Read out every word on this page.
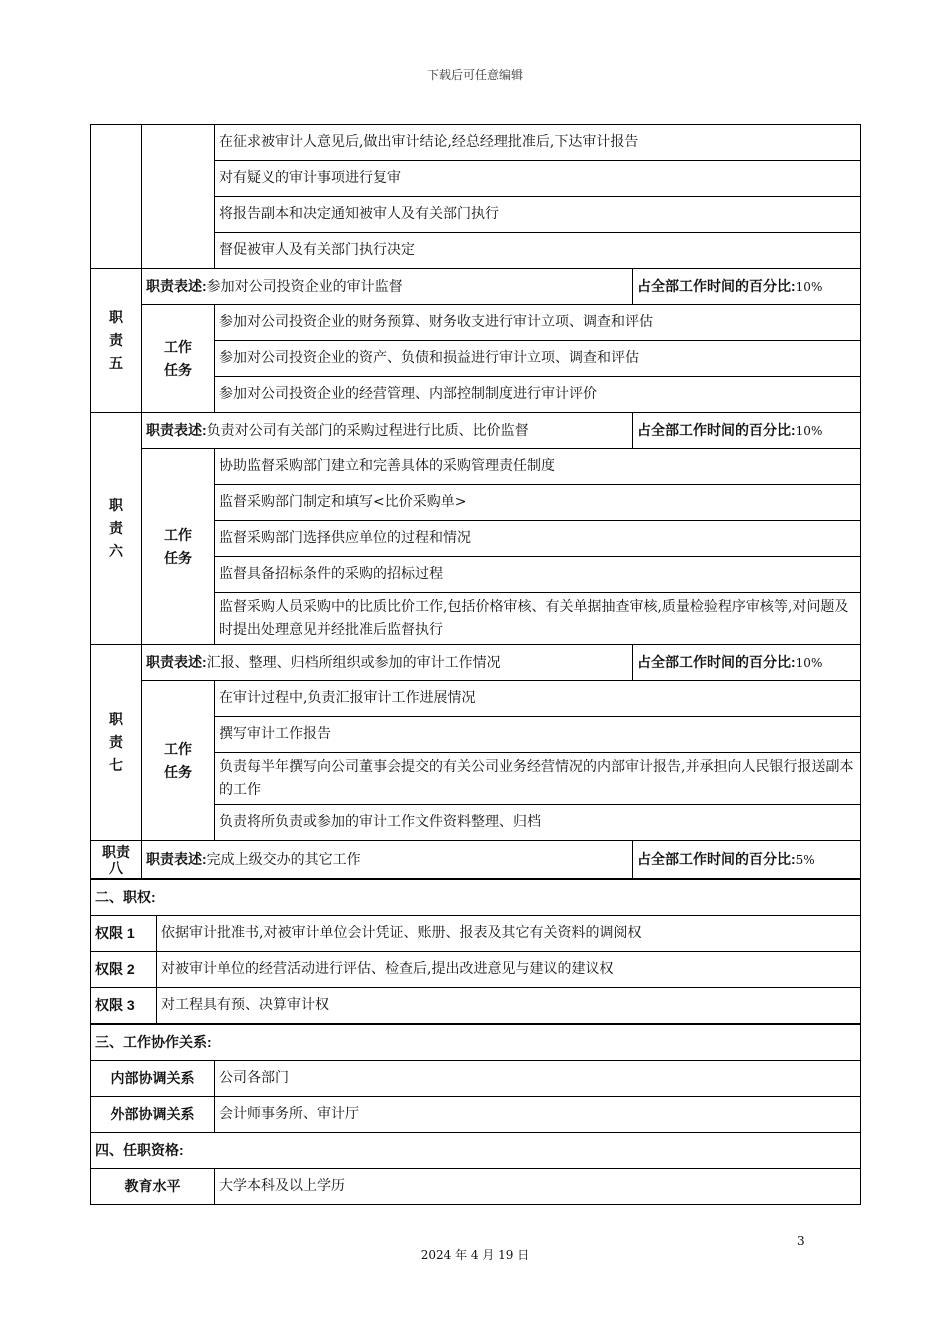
下载后可任意编辑
		在征求被审计人意见后,做出审计结论,经总经理批准后,下达审计报告	
		对有疑义的审计事项进行复审	
		将报告副本和决定通知被审人及有关部门执行	
		督促被审人及有关部门执行决定	
职
责
五	职责表述:参加对公司投资企业的审计监督		占全部工作时间的百分比:10%
	工作
任务	参加对公司投资企业的财务预算、财务收支进行审计立项、调查和评估	
		参加对公司投资企业的资产、负债和损益进行审计立项、调查和评估	
		参加对公司投资企业的经营管理、内部控制制度进行审计评价	
职
责
六	职责表述:负责对公司有关部门的采购过程进行比质、比价监督		占全部工作时间的百分比:10%
	工作
任务	协助监督采购部门建立和完善具体的采购管理责任制度	
		监督采购部门制定和填写<比价采购单>	
		监督采购部门选择供应单位的过程和情况	
		监督具备招标条件的采购的招标过程	
		监督采购人员采购中的比质比价工作,包括价格审核、有关单据抽查审核,质量检验程序审核等,对问题及时提出处理意见并经批准后监督执行	
职
责
七	职责表述:汇报、整理、归档所组织或参加的审计工作情况		占全部工作时间的百分比:10%
	工作
任务	在审计过程中,负责汇报审计工作进展情况	
		撰写审计工作报告	
		负责每半年撰写向公司董事会提交的有关公司业务经营情况的内部审计报告,并承担向人民银行报送副本的工作	
		负责将所负责或参加的审计工作文件资料整理、归档	
职责
八	职责表述:完成上级交办的其它工作		占全部工作时间的百分比:5%
二、职权:	
权限 1	依据审计批准书,对被审计单位会计凭证、账册、报表及其它有关资料的调阅权
权限 2	对被审计单位的经营活动进行评估、检查后,提出改进意见与建议的建议权
权限 3	对工程具有预、决算审计权
三、工作协作关系:	
内部协调关系	公司各部门
外部协调关系	会计师事务所、审计厅
四、任职资格:	
教育水平	大学本科及以上学历
3
2024 年 4 月 19 日
